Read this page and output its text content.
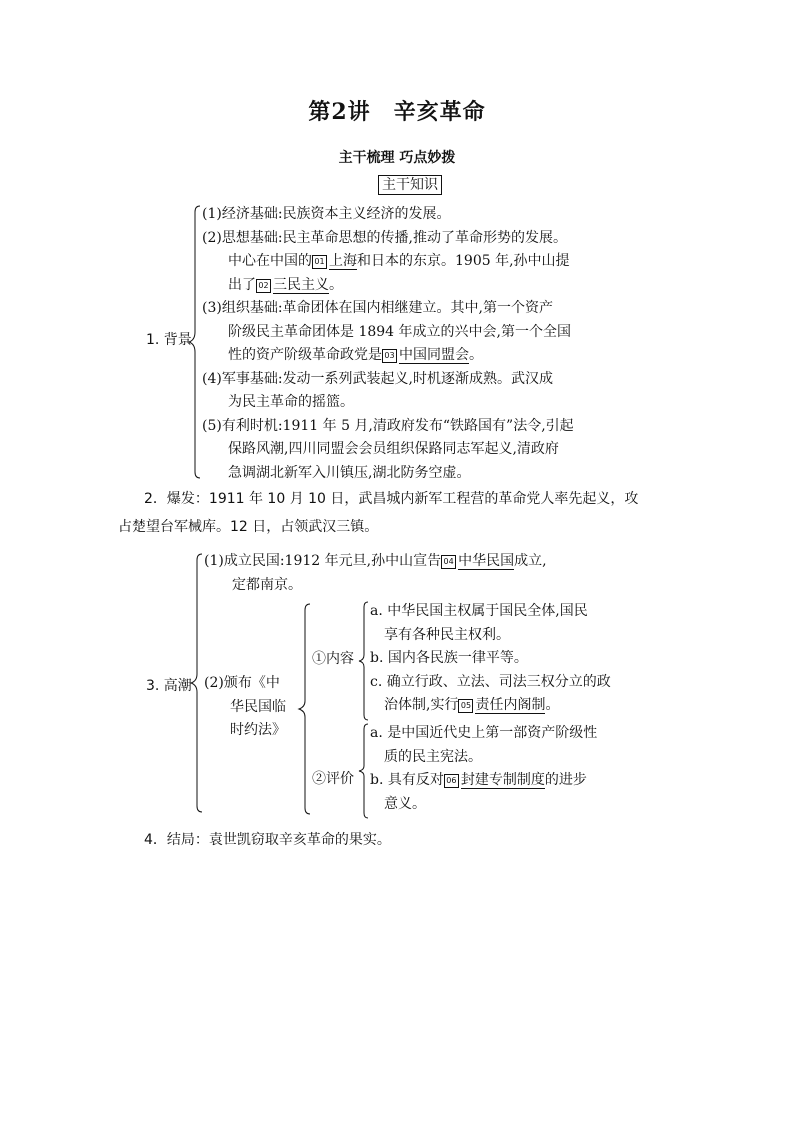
第2讲　辛亥革命
主干梳理 巧点妙拨
主干知识
1. 背景
(1)经济基础:民族资本主义经济的发展。
(2)思想基础:民主革命思想的传播,推动了革命形势的发展。
中心在中国的 01 上海和日本的东京。1905 年,孙中山提
出了 02 三民主义。
(3)组织基础:革命团体在国内相继建立。其中,第一个资产
阶级民主革命团体是 1894 年成立的兴中会,第一个全国
性的资产阶级革命政党是 03 中国同盟会。
(4)军事基础:发动一系列武装起义,时机逐渐成熟。武汉成
为民主革命的摇篮。
(5)有利时机:1911 年 5 月,清政府发布“铁路国有”法令,引起
保路风潮,四川同盟会会员组织保路同志军起义,清政府
急调湖北新军入川镇压,湖北防务空虚。
2．爆发：1911 年 10 月 10 日，武昌城内新军工程营的革命党人率先起义，攻
占楚望台军械库。12 日，占领武汉三镇。
3. 高潮
(1)成立民国:1912 年元旦,孙中山宣告 04 中华民国成立,
定都南京。
(2)颁布《中
华民国临
时约法》
①内容
a. 中华民国主权属于国民全体,国民
享有各种民主权利。
b. 国内各民族一律平等。
c. 确立行政、立法、司法三权分立的政
治体制,实行 05 责任内阁制。
②评价
a. 是中国近代史上第一部资产阶级性
质的民主宪法。
b. 具有反对 06 封建专制制度的进步
意义。
4．结局：袁世凯窃取辛亥革命的果实。
